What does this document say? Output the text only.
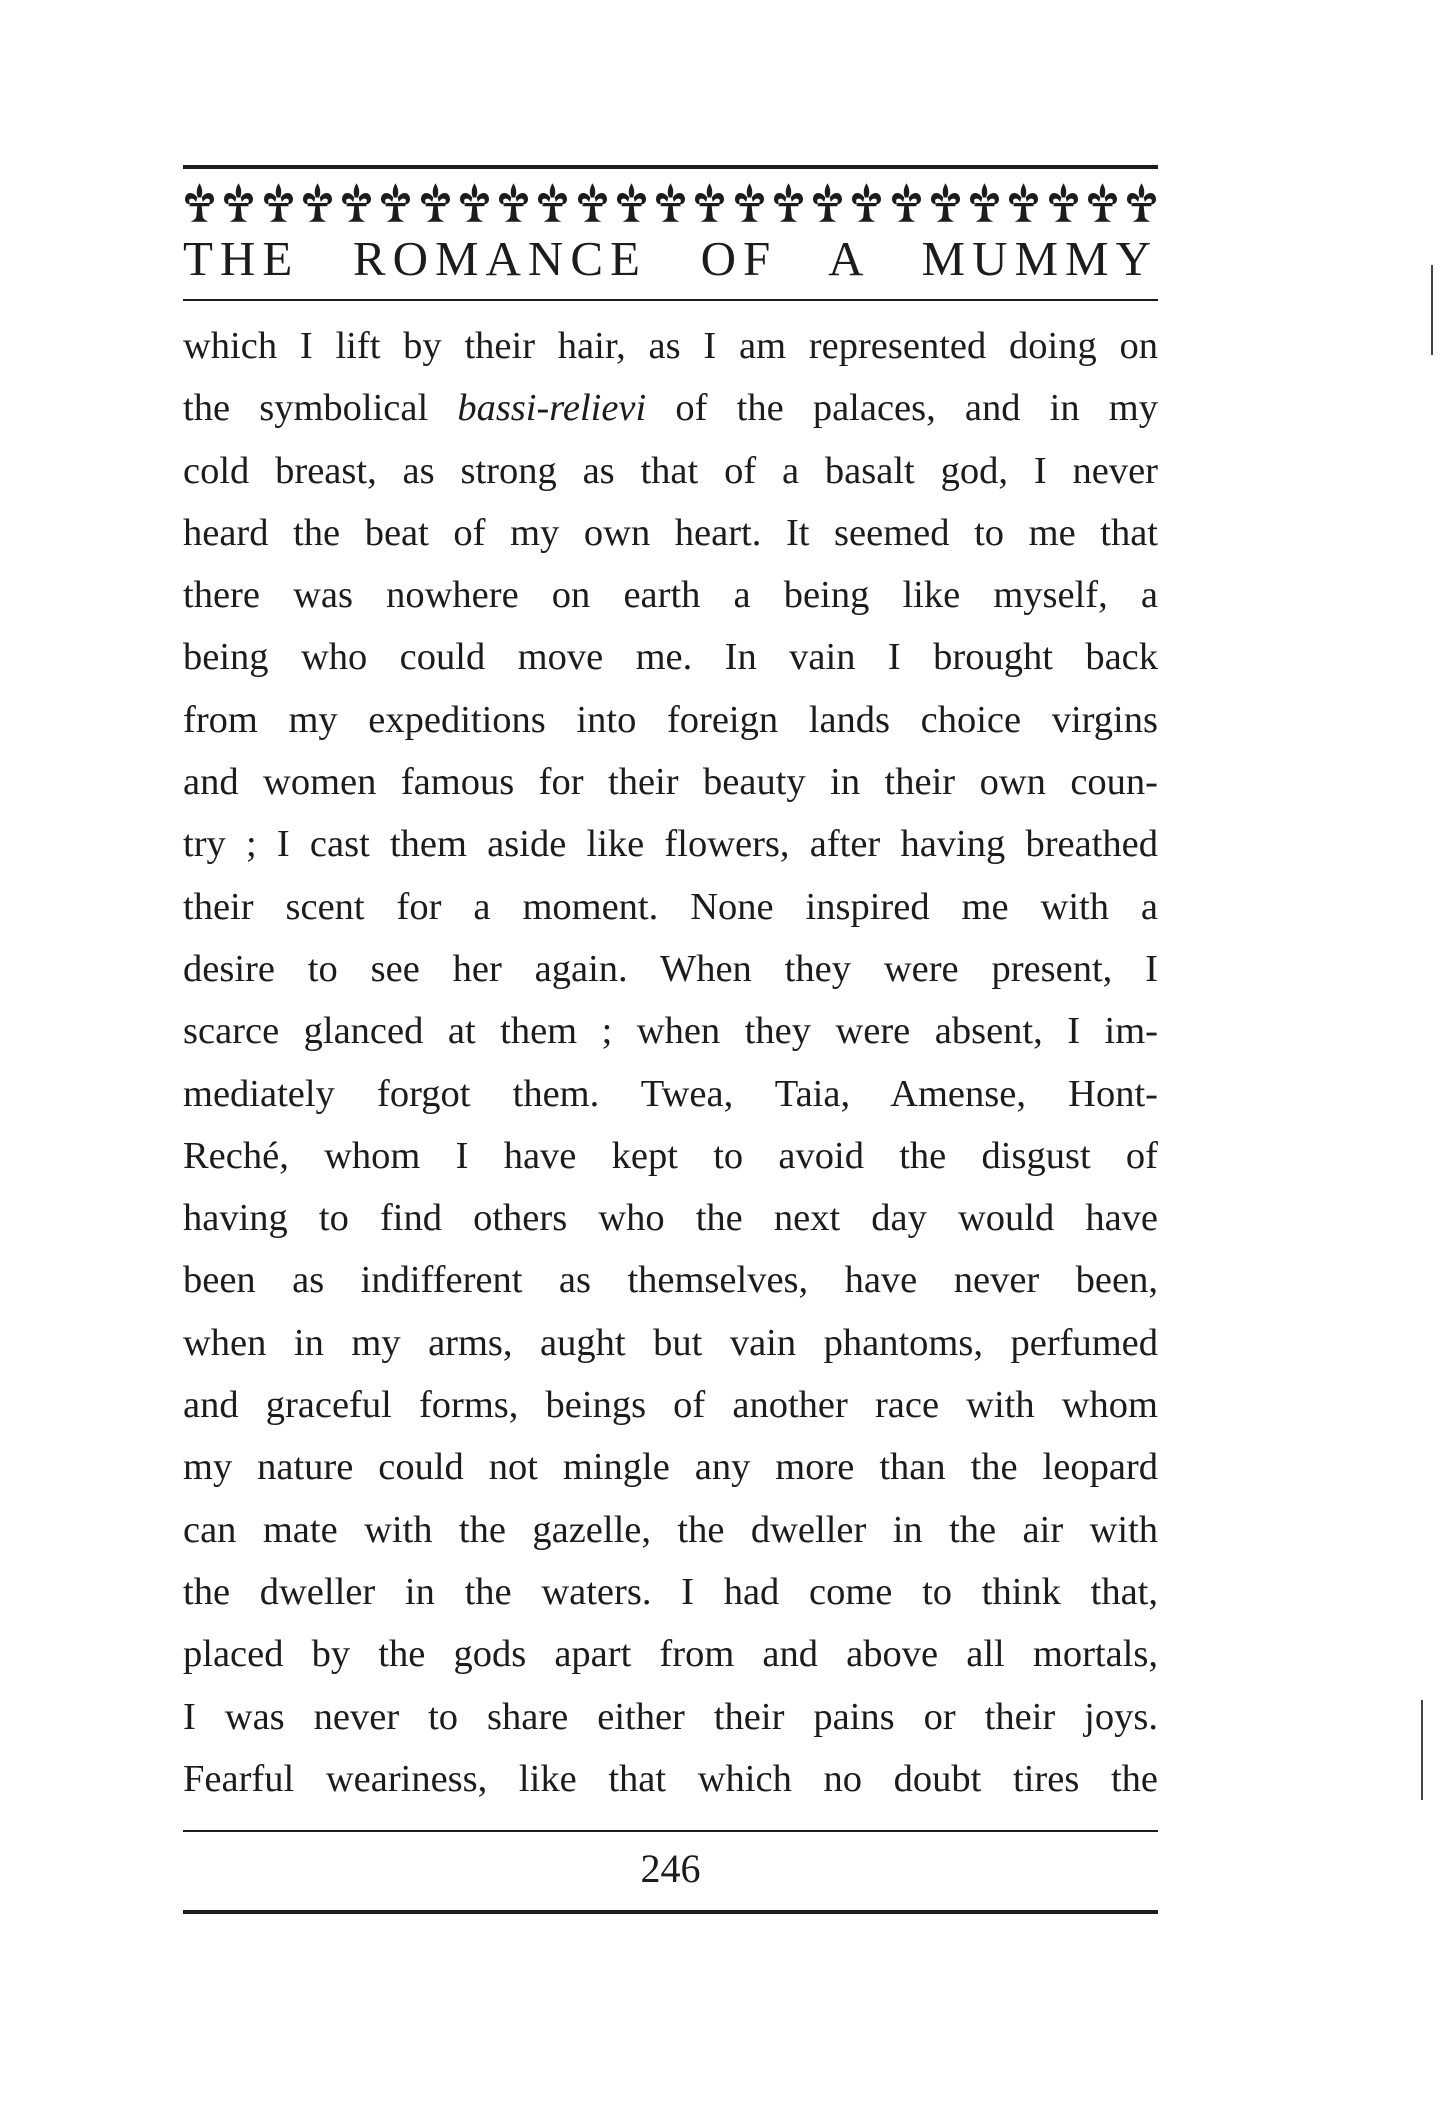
THE ROMANCE OF A MUMMY
which I lift by their hair, as I am represented doing on
the symbolical bassi-relievi of the palaces, and in my
cold breast, as strong as that of a basalt god, I never
heard the beat of my own heart. It seemed to me that
there was nowhere on earth a being like myself, a
being who could move me. In vain I brought back
from my expeditions into foreign lands choice virgins
and women famous for their beauty in their own coun-
try ; I cast them aside like flowers, after having breathed
their scent for a moment. None inspired me with a
desire to see her again. When they were present, I
scarce glanced at them ; when they were absent, I im-
mediately forgot them. Twea, Taia, Amense, Hont-
Reché, whom I have kept to avoid the disgust of
having to find others who the next day would have
been as indifferent as themselves, have never been,
when in my arms, aught but vain phantoms, perfumed
and graceful forms, beings of another race with whom
my nature could not mingle any more than the leopard
can mate with the gazelle, the dweller in the air with
the dweller in the waters. I had come to think that,
placed by the gods apart from and above all mortals,
I was never to share either their pains or their joys.
Fearful weariness, like that which no doubt tires the
246
